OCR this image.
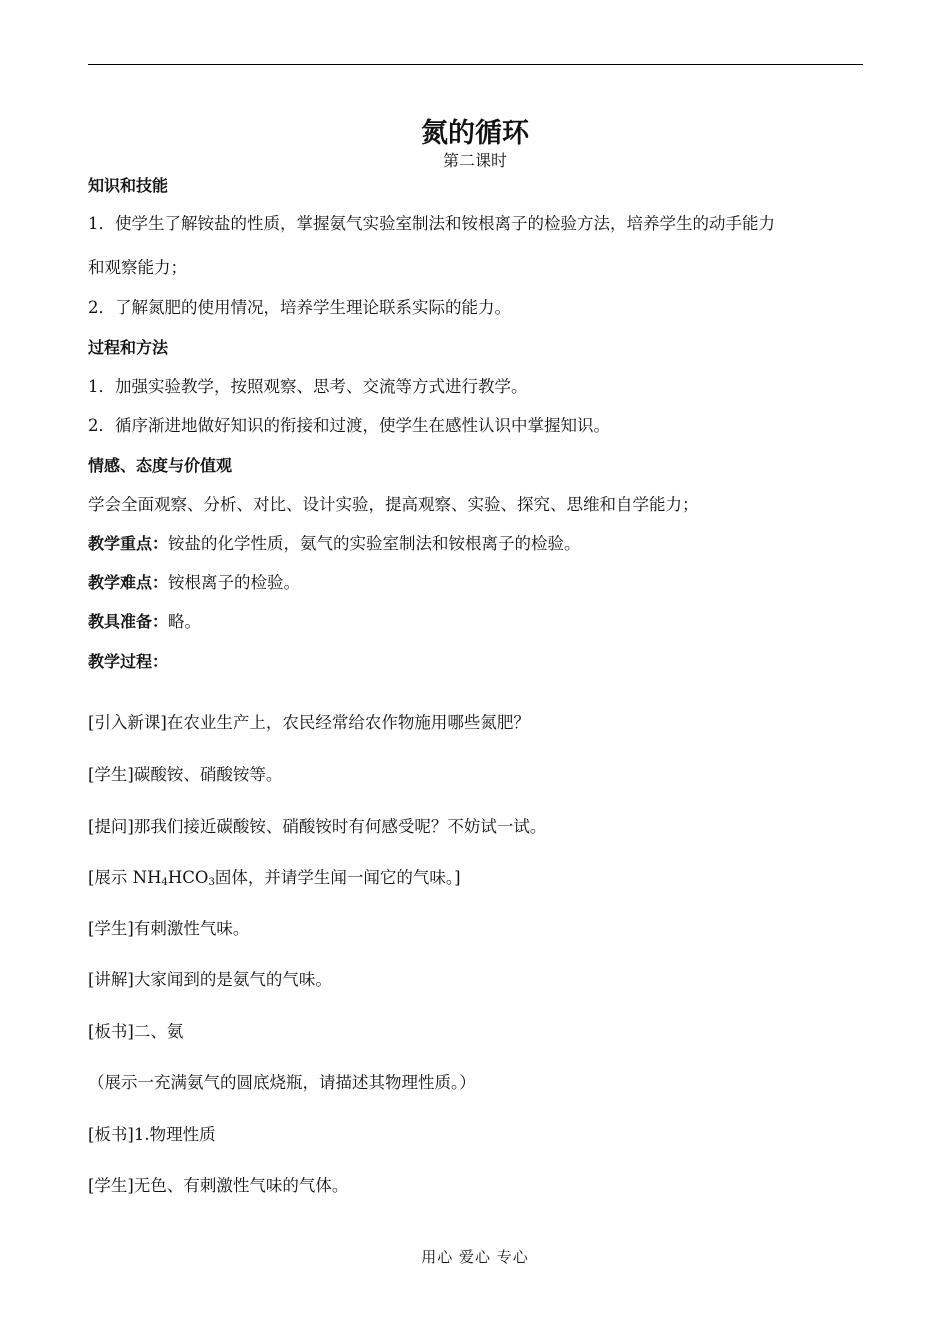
氮的循环
第二课时
知识和技能
1．使学生了解铵盐的性质，掌握氨气实验室制法和铵根离子的检验方法，培养学生的动手能力
和观察能力；
2．了解氮肥的使用情况，培养学生理论联系实际的能力。
过程和方法
1．加强实验教学，按照观察、思考、交流等方式进行教学。
2．循序渐进地做好知识的衔接和过渡，使学生在感性认识中掌握知识。
情感、态度与价值观
学会全面观察、分析、对比、设计实验，提高观察、实验、探究、思维和自学能力；
教学重点：铵盐的化学性质，氨气的实验室制法和铵根离子的检验。
教学难点：铵根离子的检验。
教具准备：略。
教学过程：
[引入新课]在农业生产上，农民经常给农作物施用哪些氮肥？
[学生]碳酸铵、硝酸铵等。
[提问]那我们接近碳酸铵、硝酸铵时有何感受呢？不妨试一试。
[展示 $NH_4HCO_3$固体，并请学生闻一闻它的气味。]
[学生]有刺激性气味。
[讲解]大家闻到的是氨气的气味。
[板书]二、氨
（展示一充满氨气的圆底烧瓶，请描述其物理性质。）
[板书]1.物理性质
[学生]无色、有刺激性气味的气体。
用心 爱心 专心
